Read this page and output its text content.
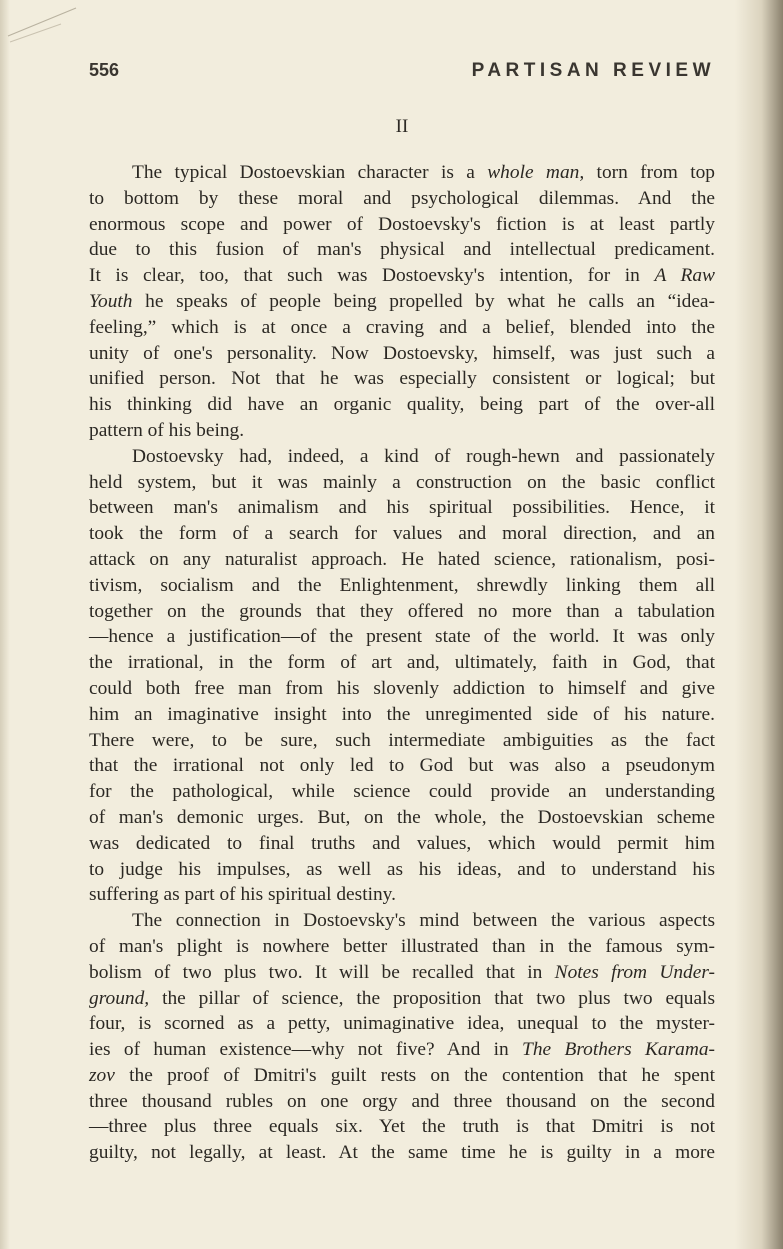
556	PARTISAN REVIEW
II

The typical Dostoevskian character is a whole man, torn from top
to bottom by these moral and psychological dilemmas. And the
enormous scope and power of Dostoevsky's fiction is at least partly
due to this fusion of man's physical and intellectual predicament.
It is clear, too, that such was Dostoevsky's intention, for in A Raw
Youth he speaks of people being propelled by what he calls an “idea-
feeling,” which is at once a craving and a belief, blended into the
unity of one's personality. Now Dostoevsky, himself, was just such a
unified person. Not that he was especially consistent or logical; but
his thinking did have an organic quality, being part of the over-all
pattern of his being.

Dostoevsky had, indeed, a kind of rough-hewn and passionately
held system, but it was mainly a construction on the basic conflict
between man's animalism and his spiritual possibilities. Hence, it
took the form of a search for values and moral direction, and an
attack on any naturalist approach. He hated science, rationalism, posi-
tivism, socialism and the Enlightenment, shrewdly linking them all
together on the grounds that they offered no more than a tabulation
—hence a justification—of the present state of the world. It was only
the irrational, in the form of art and, ultimately, faith in God, that
could both free man from his slovenly addiction to himself and give
him an imaginative insight into the unregimented side of his nature.
There were, to be sure, such intermediate ambiguities as the fact
that the irrational not only led to God but was also a pseudonym
for the pathological, while science could provide an understanding
of man's demonic urges. But, on the whole, the Dostoevskian scheme
was dedicated to final truths and values, which would permit him
to judge his impulses, as well as his ideas, and to understand his
suffering as part of his spiritual destiny.

The connection in Dostoevsky's mind between the various aspects
of man's plight is nowhere better illustrated than in the famous sym-
bolism of two plus two. It will be recalled that in Notes from Under-
ground, the pillar of science, the proposition that two plus two equals
four, is scorned as a petty, unimaginative idea, unequal to the myster-
ies of human existence—why not five? And in The Brothers Karama-
zov the proof of Dmitri's guilt rests on the contention that he spent
three thousand rubles on one orgy and three thousand on the second
—three plus three equals six. Yet the truth is that Dmitri is not
guilty, not legally, at least. At the same time he is guilty in a more
